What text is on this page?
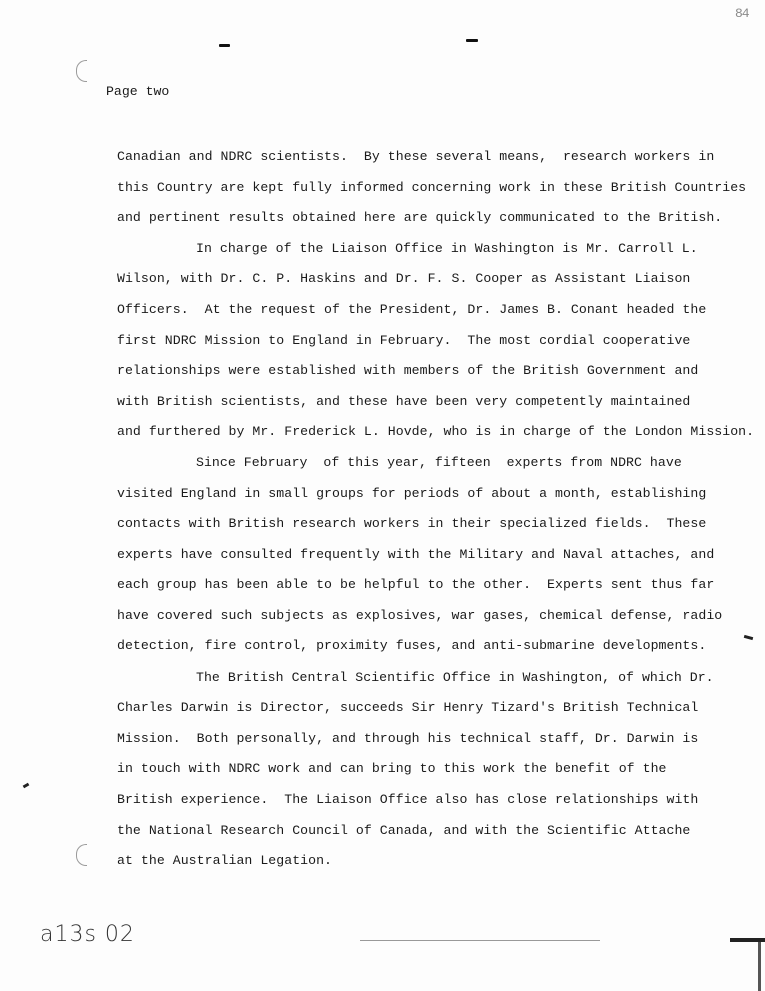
84
Page two
Canadian and NDRC scientists.  By these several means,  research workers in
this Country are kept fully informed concerning work in these British Countries
and pertinent results obtained here are quickly communicated to the British.
In charge of the Liaison Office in Washington is Mr. Carroll L.
Wilson, with Dr. C. P. Haskins and Dr. F. S. Cooper as Assistant Liaison
Officers.  At the request of the President, Dr. James B. Conant headed the
first NDRC Mission to England in February.  The most cordial cooperative
relationships were established with members of the British Government and
with British scientists, and these have been very competently maintained
and furthered by Mr. Frederick L. Hovde, who is in charge of the London Mission.
Since February  of this year, fifteen  experts from NDRC have
visited England in small groups for periods of about a month, establishing
contacts with British research workers in their specialized fields.  These
experts have consulted frequently with the Military and Naval attaches, and
each group has been able to be helpful to the other.  Experts sent thus far
have covered such subjects as explosives, war gases, chemical defense, radio
detection, fire control, proximity fuses, and anti-submarine developments.
The British Central Scientific Office in Washington, of which Dr.
Charles Darwin is Director, succeeds Sir Henry Tizard's British Technical
Mission.  Both personally, and through his technical staff, Dr. Darwin is
in touch with NDRC work and can bring to this work the benefit of the
British experience.  The Liaison Office also has close relationships with
the National Research Council of Canada, and with the Scientific Attache
at the Australian Legation.
a13s 02
